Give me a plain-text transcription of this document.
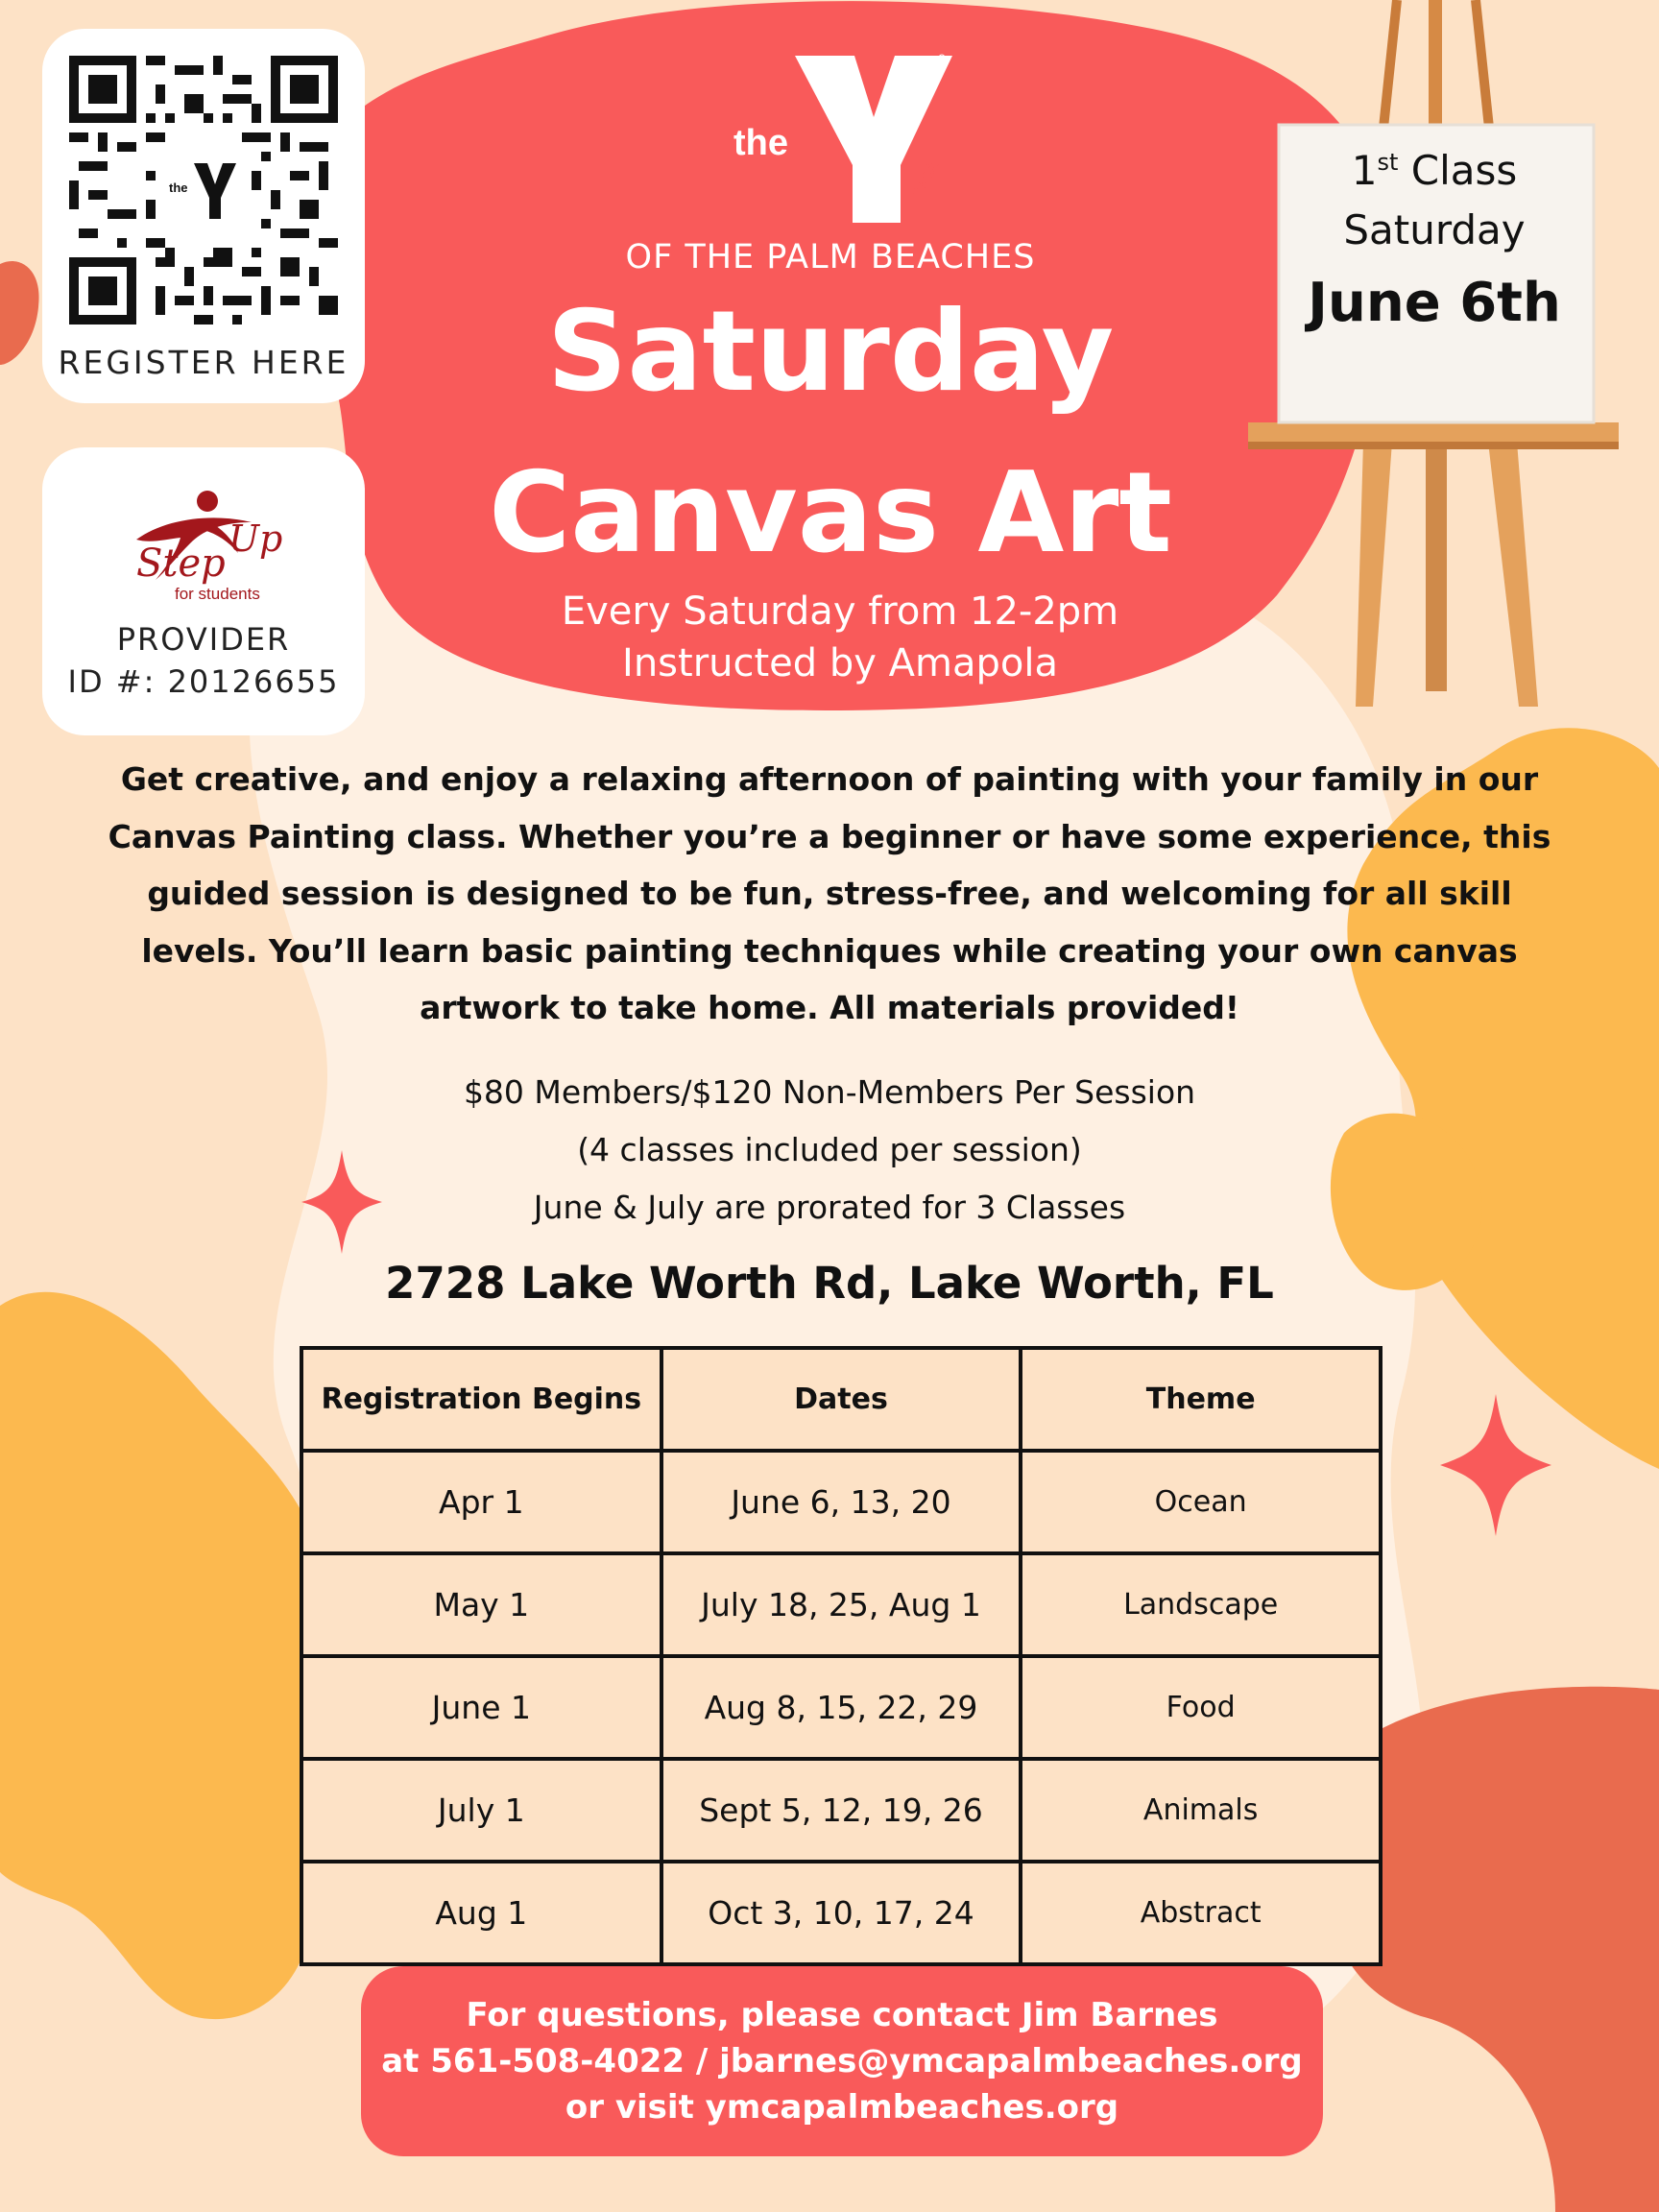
the
REGISTER HERE
Step
Up
for students
PROVIDER
ID #: 20126655
YMCA
the
OF THE PALM BEACHES
Saturday
Canvas Art
Every Saturday from 12-2pm
Instructed by Amapola
1st Class
Saturday
June 6th
Get creative, and enjoy a relaxing afternoon of painting with your family in our
Canvas Painting class. Whether you’re a beginner or have some experience, this
guided session is designed to be fun, stress-free, and welcoming for all skill
levels. You’ll learn basic painting techniques while creating your own canvas
artwork to take home. All materials provided!
$80 Members/$120 Non-Members Per Session
(4 classes included per session)
June & July are prorated for 3 Classes
2728 Lake Worth Rd, Lake Worth, FL
Registration Begins	Dates	Theme
Apr 1	June 6, 13, 20	Ocean
May 1	July 18, 25, Aug 1	Landscape
June 1	Aug 8, 15, 22, 29	Food
July 1	Sept 5, 12, 19, 26	Animals
Aug 1	Oct 3, 10, 17, 24	Abstract
For questions, please contact Jim Barnes
at 561-508-4022 / jbarnes@ymcapalmbeaches.org
or visit ymcapalmbeaches.org
